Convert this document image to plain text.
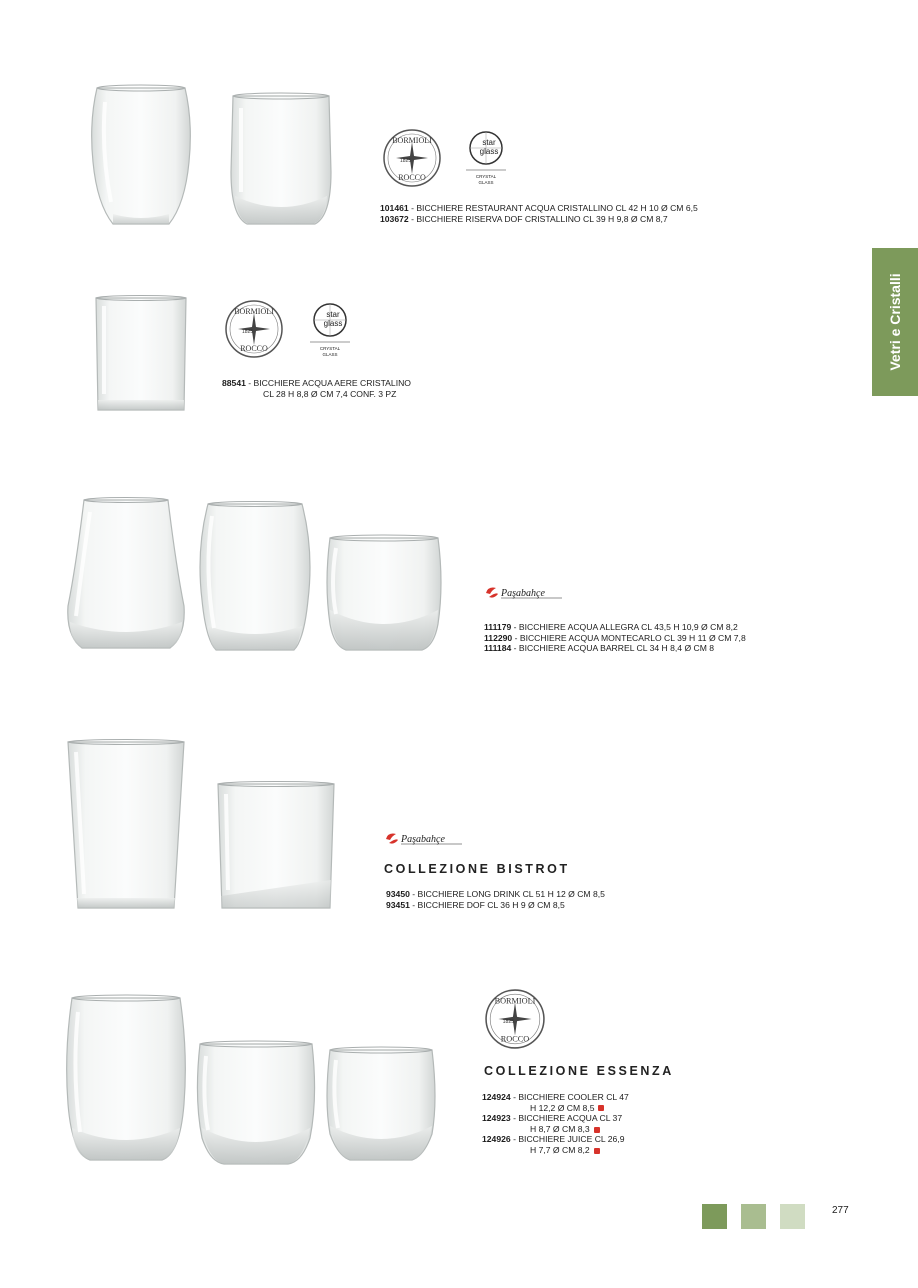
BORMIOLI
1825
ROCCO
star
glass
CRYSTAL
GLASS
101461 - BICCHIERE RESTAURANT ACQUA CRISTALLINO CL 42 H 10 Ø CM 6,5
103672 - BICCHIERE RISERVA DOF CRISTALLINO CL 39 H 9,8 Ø CM 8,7
Vetri e Cristalli
BORMIOLI
1825
ROCCO
star
glass
CRYSTAL
GLASS
88541 - BICCHIERE ACQUA AERE CRISTALINO
CL 28 H 8,8 Ø CM 7,4 CONF. 3 PZ
Paşabahçe
111179 - BICCHIERE ACQUA ALLEGRA CL 43,5 H 10,9 Ø CM 8,2
112290 - BICCHIERE ACQUA MONTECARLO CL 39 H 11 Ø CM 7,8
111184 - BICCHIERE ACQUA BARREL CL 34 H 8,4 Ø CM 8
Paşabahçe
COLLEZIONE BISTROT
93450 - BICCHIERE LONG DRINK CL 51 H 12 Ø CM 8,5
93451 - BICCHIERE DOF CL 36 H 9 Ø CM 8,5
BORMIOLI
1825
ROCCO
COLLEZIONE ESSENZA
124924 - BICCHIERE COOLER CL 47
H 12,2 Ø CM 8,5
124923 - BICCHIERE ACQUA CL 37
H 8,7 Ø CM 8,3
124926 - BICCHIERE JUICE CL 26,9
H 7,7 Ø CM 8,2
277
